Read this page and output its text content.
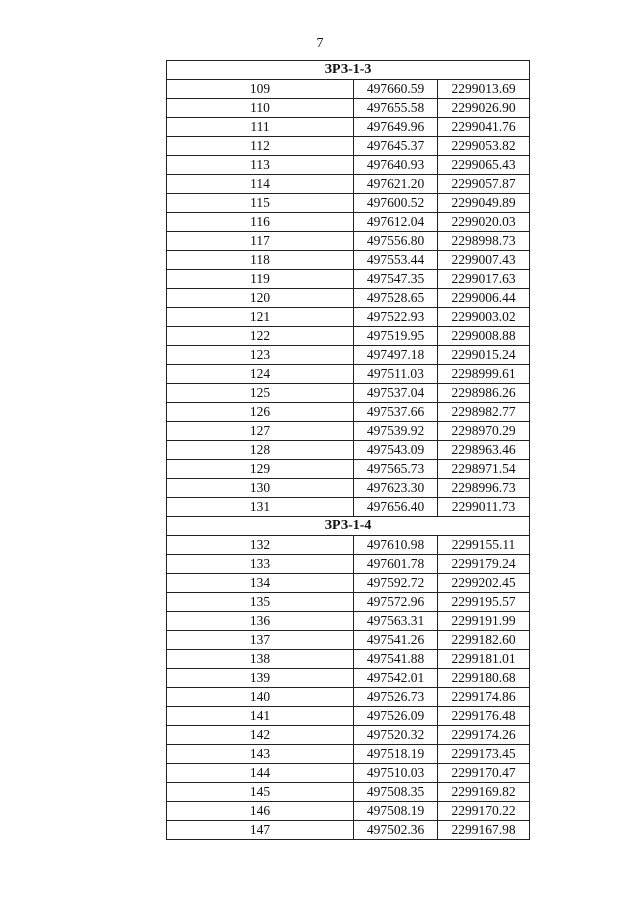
7
ЗРЗ-1-3		
109	497660.59	2299013.69
110	497655.58	2299026.90
111	497649.96	2299041.76
112	497645.37	2299053.82
113	497640.93	2299065.43
114	497621.20	2299057.87
115	497600.52	2299049.89
116	497612.04	2299020.03
117	497556.80	2298998.73
118	497553.44	2299007.43
119	497547.35	2299017.63
120	497528.65	2299006.44
121	497522.93	2299003.02
122	497519.95	2299008.88
123	497497.18	2299015.24
124	497511.03	2298999.61
125	497537.04	2298986.26
126	497537.66	2298982.77
127	497539.92	2298970.29
128	497543.09	2298963.46
129	497565.73	2298971.54
130	497623.30	2298996.73
131	497656.40	2299011.73
ЗРЗ-1-4		
132	497610.98	2299155.11
133	497601.78	2299179.24
134	497592.72	2299202.45
135	497572.96	2299195.57
136	497563.31	2299191.99
137	497541.26	2299182.60
138	497541.88	2299181.01
139	497542.01	2299180.68
140	497526.73	2299174.86
141	497526.09	2299176.48
142	497520.32	2299174.26
143	497518.19	2299173.45
144	497510.03	2299170.47
145	497508.35	2299169.82
146	497508.19	2299170.22
147	497502.36	2299167.98
